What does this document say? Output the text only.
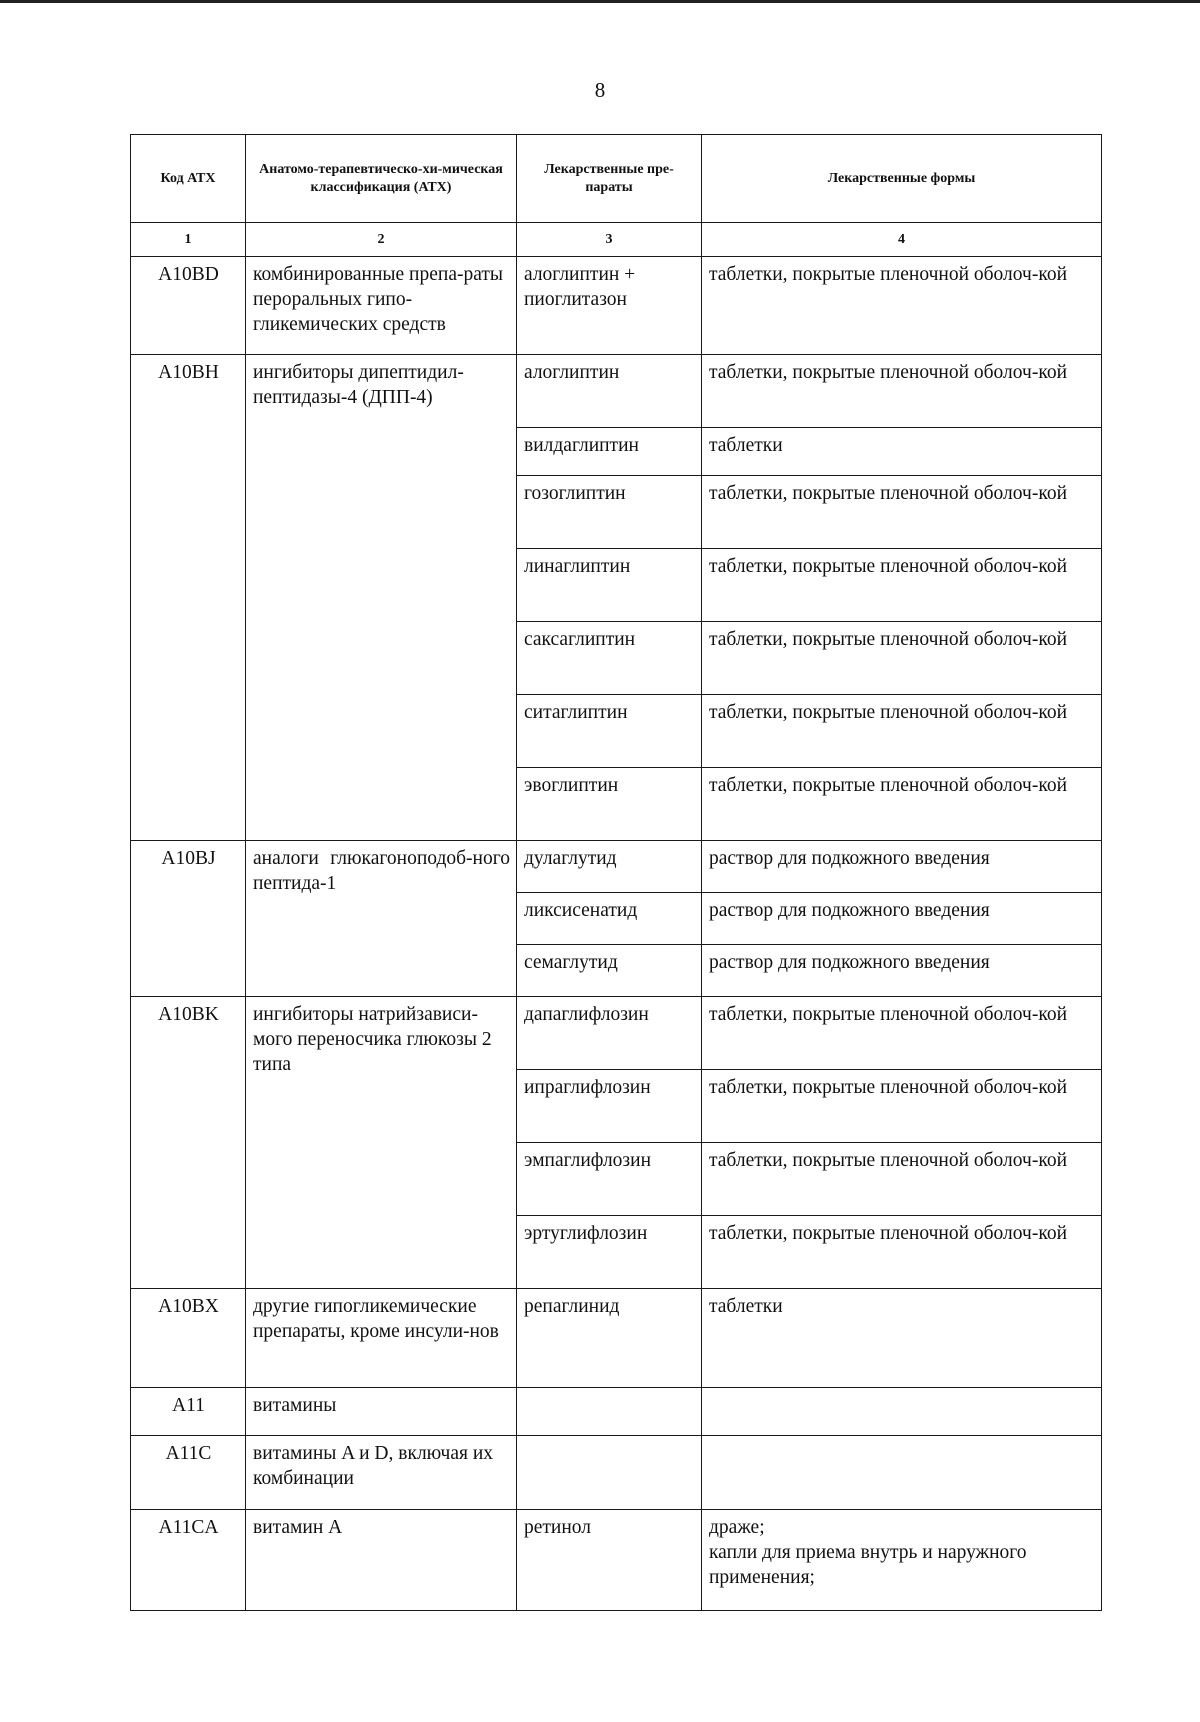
8
Код АТХ	Анатомо-терапевтическо-хи-мическая классификация (АТХ)	Лекарственные пре-параты	Лекарственные формы
1	2	3	4
A10BD	комбинированные препа-раты пероральных гипо-гликемических средств	алоглиптин + пиоглитазон	таблетки, покрытые пленочной оболоч-кой
A10BH	ингибиторы дипептидил-пептидазы-4 (ДПП-4)	алоглиптин	таблетки, покрытые пленочной оболоч-кой
		вилдаглиптин	таблетки
		гозоглиптин	таблетки, покрытые пленочной оболоч-кой
		линаглиптин	таблетки, покрытые пленочной оболоч-кой
		саксаглиптин	таблетки, покрытые пленочной оболоч-кой
		ситаглиптин	таблетки, покрытые пленочной оболоч-кой
		эвоглиптин	таблетки, покрытые пленочной оболоч-кой
A10BJ	аналоги глюкагоноподоб-ного пептида-1	дулаглутид	раствор для подкожного введения
		ликсисенатид	раствор для подкожного введения
		семаглутид	раствор для подкожного введения
A10BK	ингибиторы натрийзависи-мого переносчика глюкозы 2 типа	дапаглифлозин	таблетки, покрытые пленочной оболоч-кой
		ипраглифлозин	таблетки, покрытые пленочной оболоч-кой
		эмпаглифлозин	таблетки, покрытые пленочной оболоч-кой
		эртуглифлозин	таблетки, покрытые пленочной оболоч-кой
A10BX	другие гипогликемические препараты, кроме инсули-нов	репаглинид	таблетки
A11	витамины		
A11C	витамины A и D, включая их комбинации		
A11CA	витамин А	ретинол	драже;
капли для приема внутрь и наружного применения;
